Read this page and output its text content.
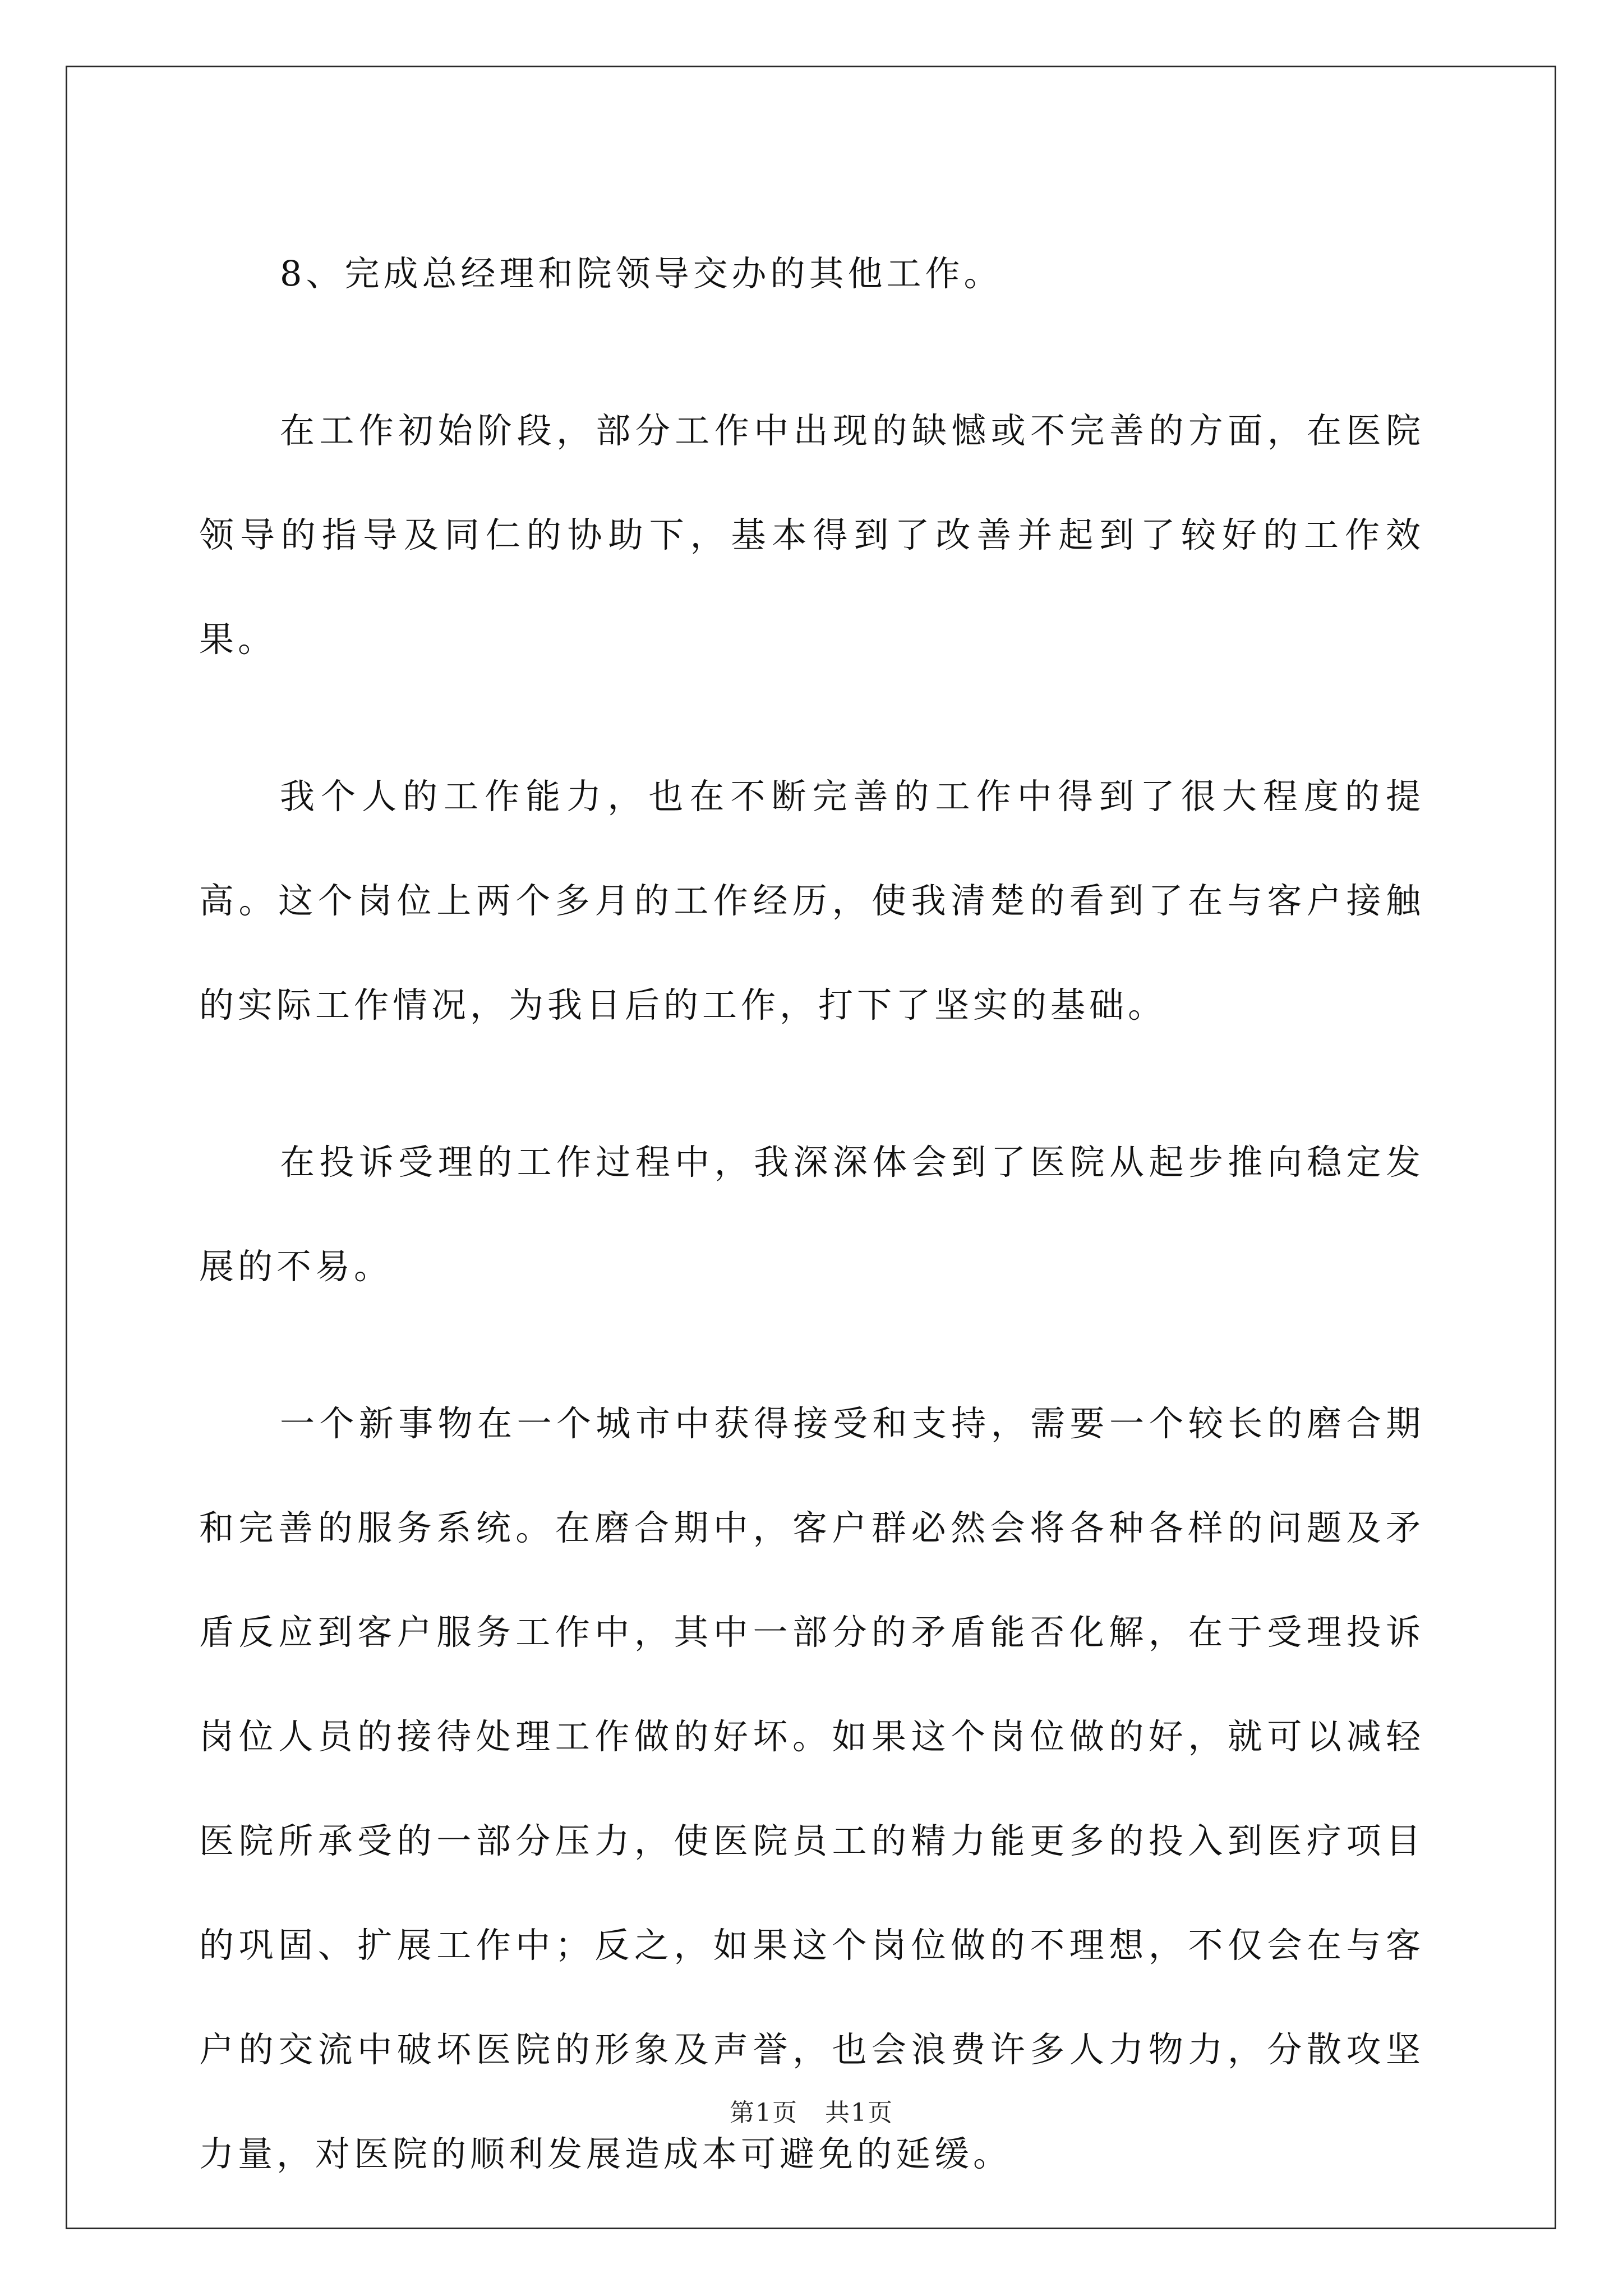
8、完成总经理和院领导交办的其他工作。

在工作初始阶段，部分工作中出现的缺憾或不完善的方面，在医院领导的指导及同仁的协助下，基本得到了改善并起到了较好的工作效果。

我个人的工作能力，也在不断完善的工作中得到了很大程度的提高。这个岗位上两个多月的工作经历，使我清楚的看到了在与客户接触的实际工作情况，为我日后的工作，打下了坚实的基础。

在投诉受理的工作过程中，我深深体会到了医院从起步推向稳定发展的不易。

一个新事物在一个城市中获得接受和支持，需要一个较长的磨合期和完善的服务系统。在磨合期中，客户群必然会将各种各样的问题及矛盾反应到客户服务工作中，其中一部分的矛盾能否化解，在于受理投诉岗位人员的接待处理工作做的好坏。如果这个岗位做的好，就可以减轻医院所承受的一部分压力，使医院员工的精力能更多的投入到医疗项目的巩固、扩展工作中；反之，如果这个岗位做的不理想，不仅会在与客户的交流中破坏医院的形象及声誉，也会浪费许多人力物力，分散攻坚力量，对医院的顺利发展造成本可避免的延缓。

第1页   共1页
